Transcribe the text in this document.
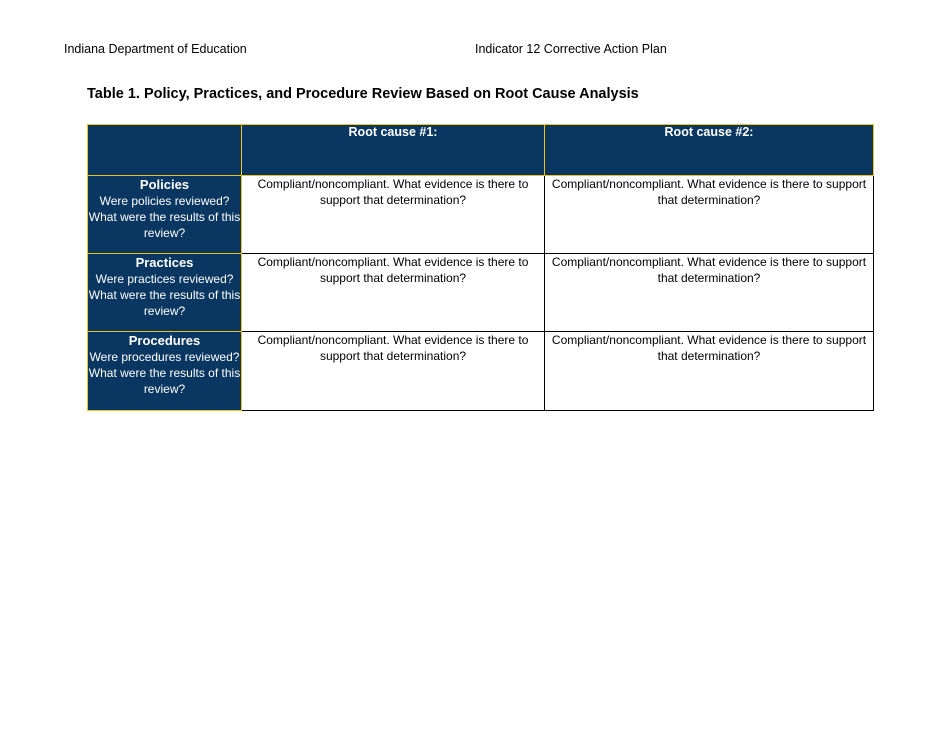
Indiana Department of Education	Indicator 12 Corrective Action Plan
Table 1. Policy, Practices, and Procedure Review Based on Root Cause Analysis
	Root cause #1:	Root cause #2:

Policies
Were policies reviewed? What were the results of this review?	Compliant/noncompliant. What evidence is there to support that determination?	Compliant/noncompliant. What evidence is there to support that determination?

Practices
Were practices reviewed? What were the results of this review?	Compliant/noncompliant. What evidence is there to support that determination?	Compliant/noncompliant. What evidence is there to support that determination?

Procedures
Were procedures reviewed? What were the results of this review?	Compliant/noncompliant. What evidence is there to support that determination?	Compliant/noncompliant. What evidence is there to support that determination?
